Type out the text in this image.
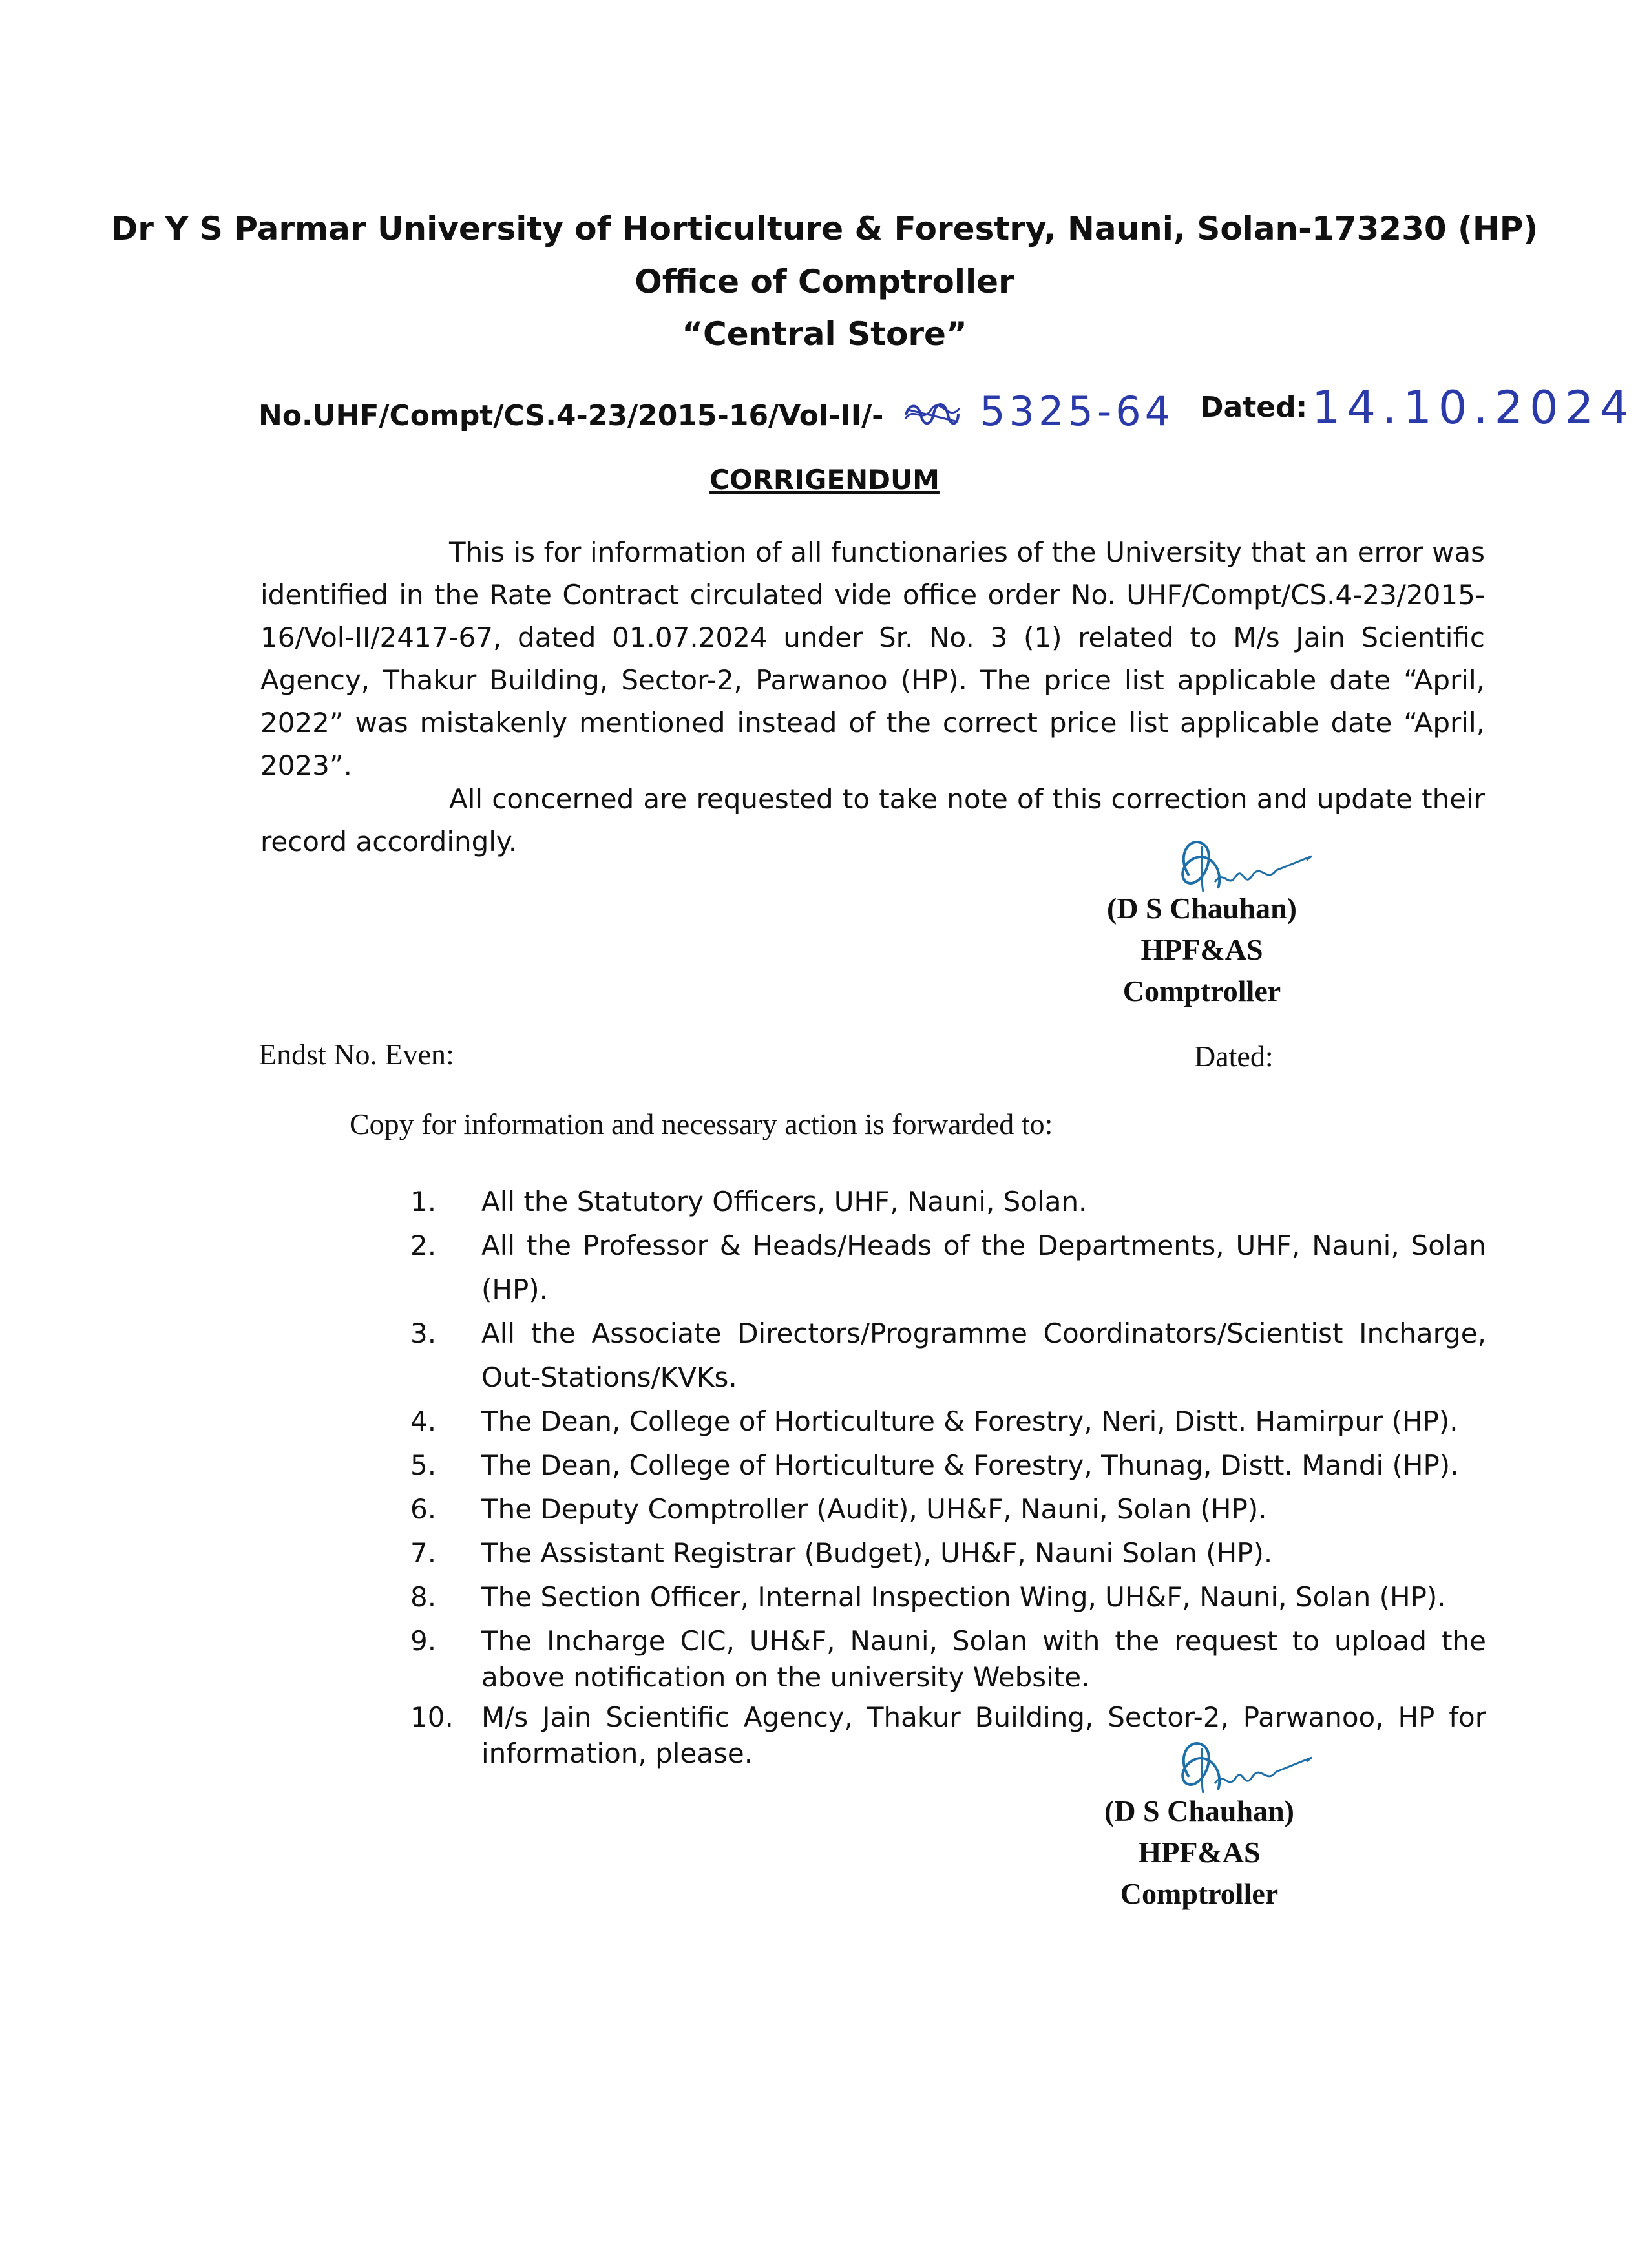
Dr Y S Parmar University of Horticulture & Forestry, Nauni, Solan-173230 (HP)
Office of Comptroller
“Central Store”
No.UHF/Compt/CS.4-23/2015-16/Vol-II/- 5325-64 Dated: 14.10.2024
CORRIGENDUM
This is for information of all functionaries of the University that an error was identified in the Rate Contract circulated vide office order No. UHF/Compt/CS.4-23/2015-16/Vol-II/2417-67, dated 01.07.2024 under Sr. No. 3 (1) related to M/s Jain Scientific Agency, Thakur Building, Sector-2, Parwanoo (HP). The price list applicable date “April, 2022” was mistakenly mentioned instead of the correct price list applicable date “April, 2023”.
All concerned are requested to take note of this correction and update their record accordingly.
(D S Chauhan)
HPF&AS
Comptroller
Endst No. Even:	Dated:
Copy for information and necessary action is forwarded to:
1.	All the Statutory Officers, UHF, Nauni, Solan.
2.	All the Professor & Heads/Heads of the Departments, UHF, Nauni, Solan (HP).
3.	All the Associate Directors/Programme Coordinators/Scientist Incharge, Out-Stations/KVKs.
4.	The Dean, College of Horticulture & Forestry, Neri, Distt. Hamirpur (HP).
5.	The Dean, College of Horticulture & Forestry, Thunag, Distt. Mandi (HP).
6.	The Deputy Comptroller (Audit), UH&F, Nauni, Solan (HP).
7.	The Assistant Registrar (Budget), UH&F, Nauni Solan (HP).
8.	The Section Officer, Internal Inspection Wing, UH&F, Nauni, Solan (HP).
9.	The Incharge CIC, UH&F, Nauni, Solan with the request to upload the above notification on the university Website.
10.	M/s Jain Scientific Agency, Thakur Building, Sector-2, Parwanoo, HP for information, please.
(D S Chauhan)
HPF&AS
Comptroller
